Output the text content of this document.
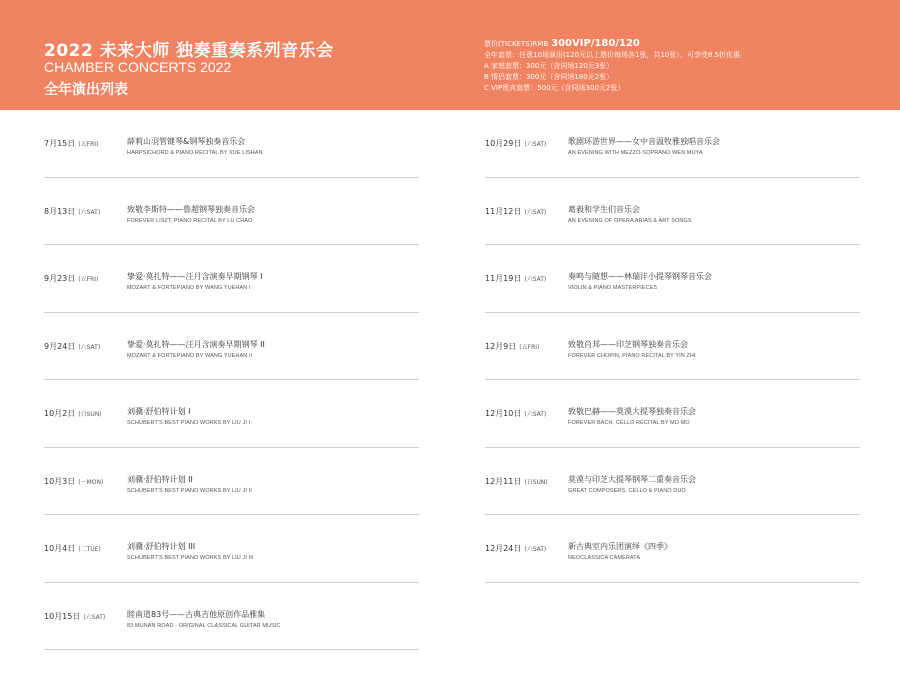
2022 未来大师 独奏重奏系列音乐会
CHAMBER CONCERTS 2022
全年演出列表
票价(TICKETS)RMB 300VIP/180/120
全年套票：任意10场演出(120元以上票价每场各1张，共10张），可享受8.5折优惠
A 家庭套票：300元（含同场120元3张）
B 情侣套票：300元（含同场180元2张）
C VIP贵宾套票：500元（含同场300元2张）
7月15日 (五FRI)	薛莉山羽管键琴&钢琴独奏音乐会
HARPSICHORD & PIANO RECITAL BY XUE LISHAN
8月13日 (六SAT)	致敬李斯特——鲁超钢琴独奏音乐会
FOREVER LISZT, PIANO RECITAL BY LU CHAO
9月23日 (五FRI)	挚爱·莫扎特——汪月含演奏早期钢琴 I
MOZART & FORTEPIANO BY WANG YUEHAN I
9月24日 (六SAT)	挚爱·莫扎特——汪月含演奏早期钢琴 II
MOZART & FORTEPIANO BY WANG YUEHAN II
10月2日 (日SUN)	刘骥·舒伯特计划 I
SCHUBERT'S BEST PIANO WORKS BY LIU JI I
10月3日 (一MON)	刘骥·舒伯特计划 II
SCHUBERT'S BEST PIANO WORKS BY LIU JI II
10月4日 (二TUE)	刘骥·舒伯特计划 III
SCHUBERT'S BEST PIANO WORKS BY LIU JI III
10月15日 (六SAT)	睦南道83号——古典吉他原创作品雅集
83 MUNAN ROAD - ORIGINAL CLASSICAL GUITAR MUSIC
10月29日 (六SAT)	歌剧环游世界——女中音温牧雅独唱音乐会
AN EVENING WITH MEZZO-SOPRANO WEN MUYA
11月12日 (六SAT)	葛毅和学生们音乐会
AN EVENING OF OPERA ARIAS & ART SONGS
11月19日 (六SAT)	奏鸣与随想——林瑞沣小提琴钢琴音乐会
VIOLIN & PIANO MASTERPIECES
12月9日 (五FRI)	致敬肖邦——印芝钢琴独奏音乐会
FOREVER CHOPIN, PIANO RECITAL BY YIN ZHI
12月10日 (六SAT)	致敬巴赫——莫漠大提琴独奏音乐会
FOREVER BACH, CELLO RECITAL BY MO MO
12月11日 (日SUN)	莫漠与印芝大提琴钢琴二重奏音乐会
GREAT COMPOSERS, CELLO & PIANO DUO
12月24日 (六SAT)	新古典室内乐团演绎《四季》
NEOCLASSICA CAMERATA
